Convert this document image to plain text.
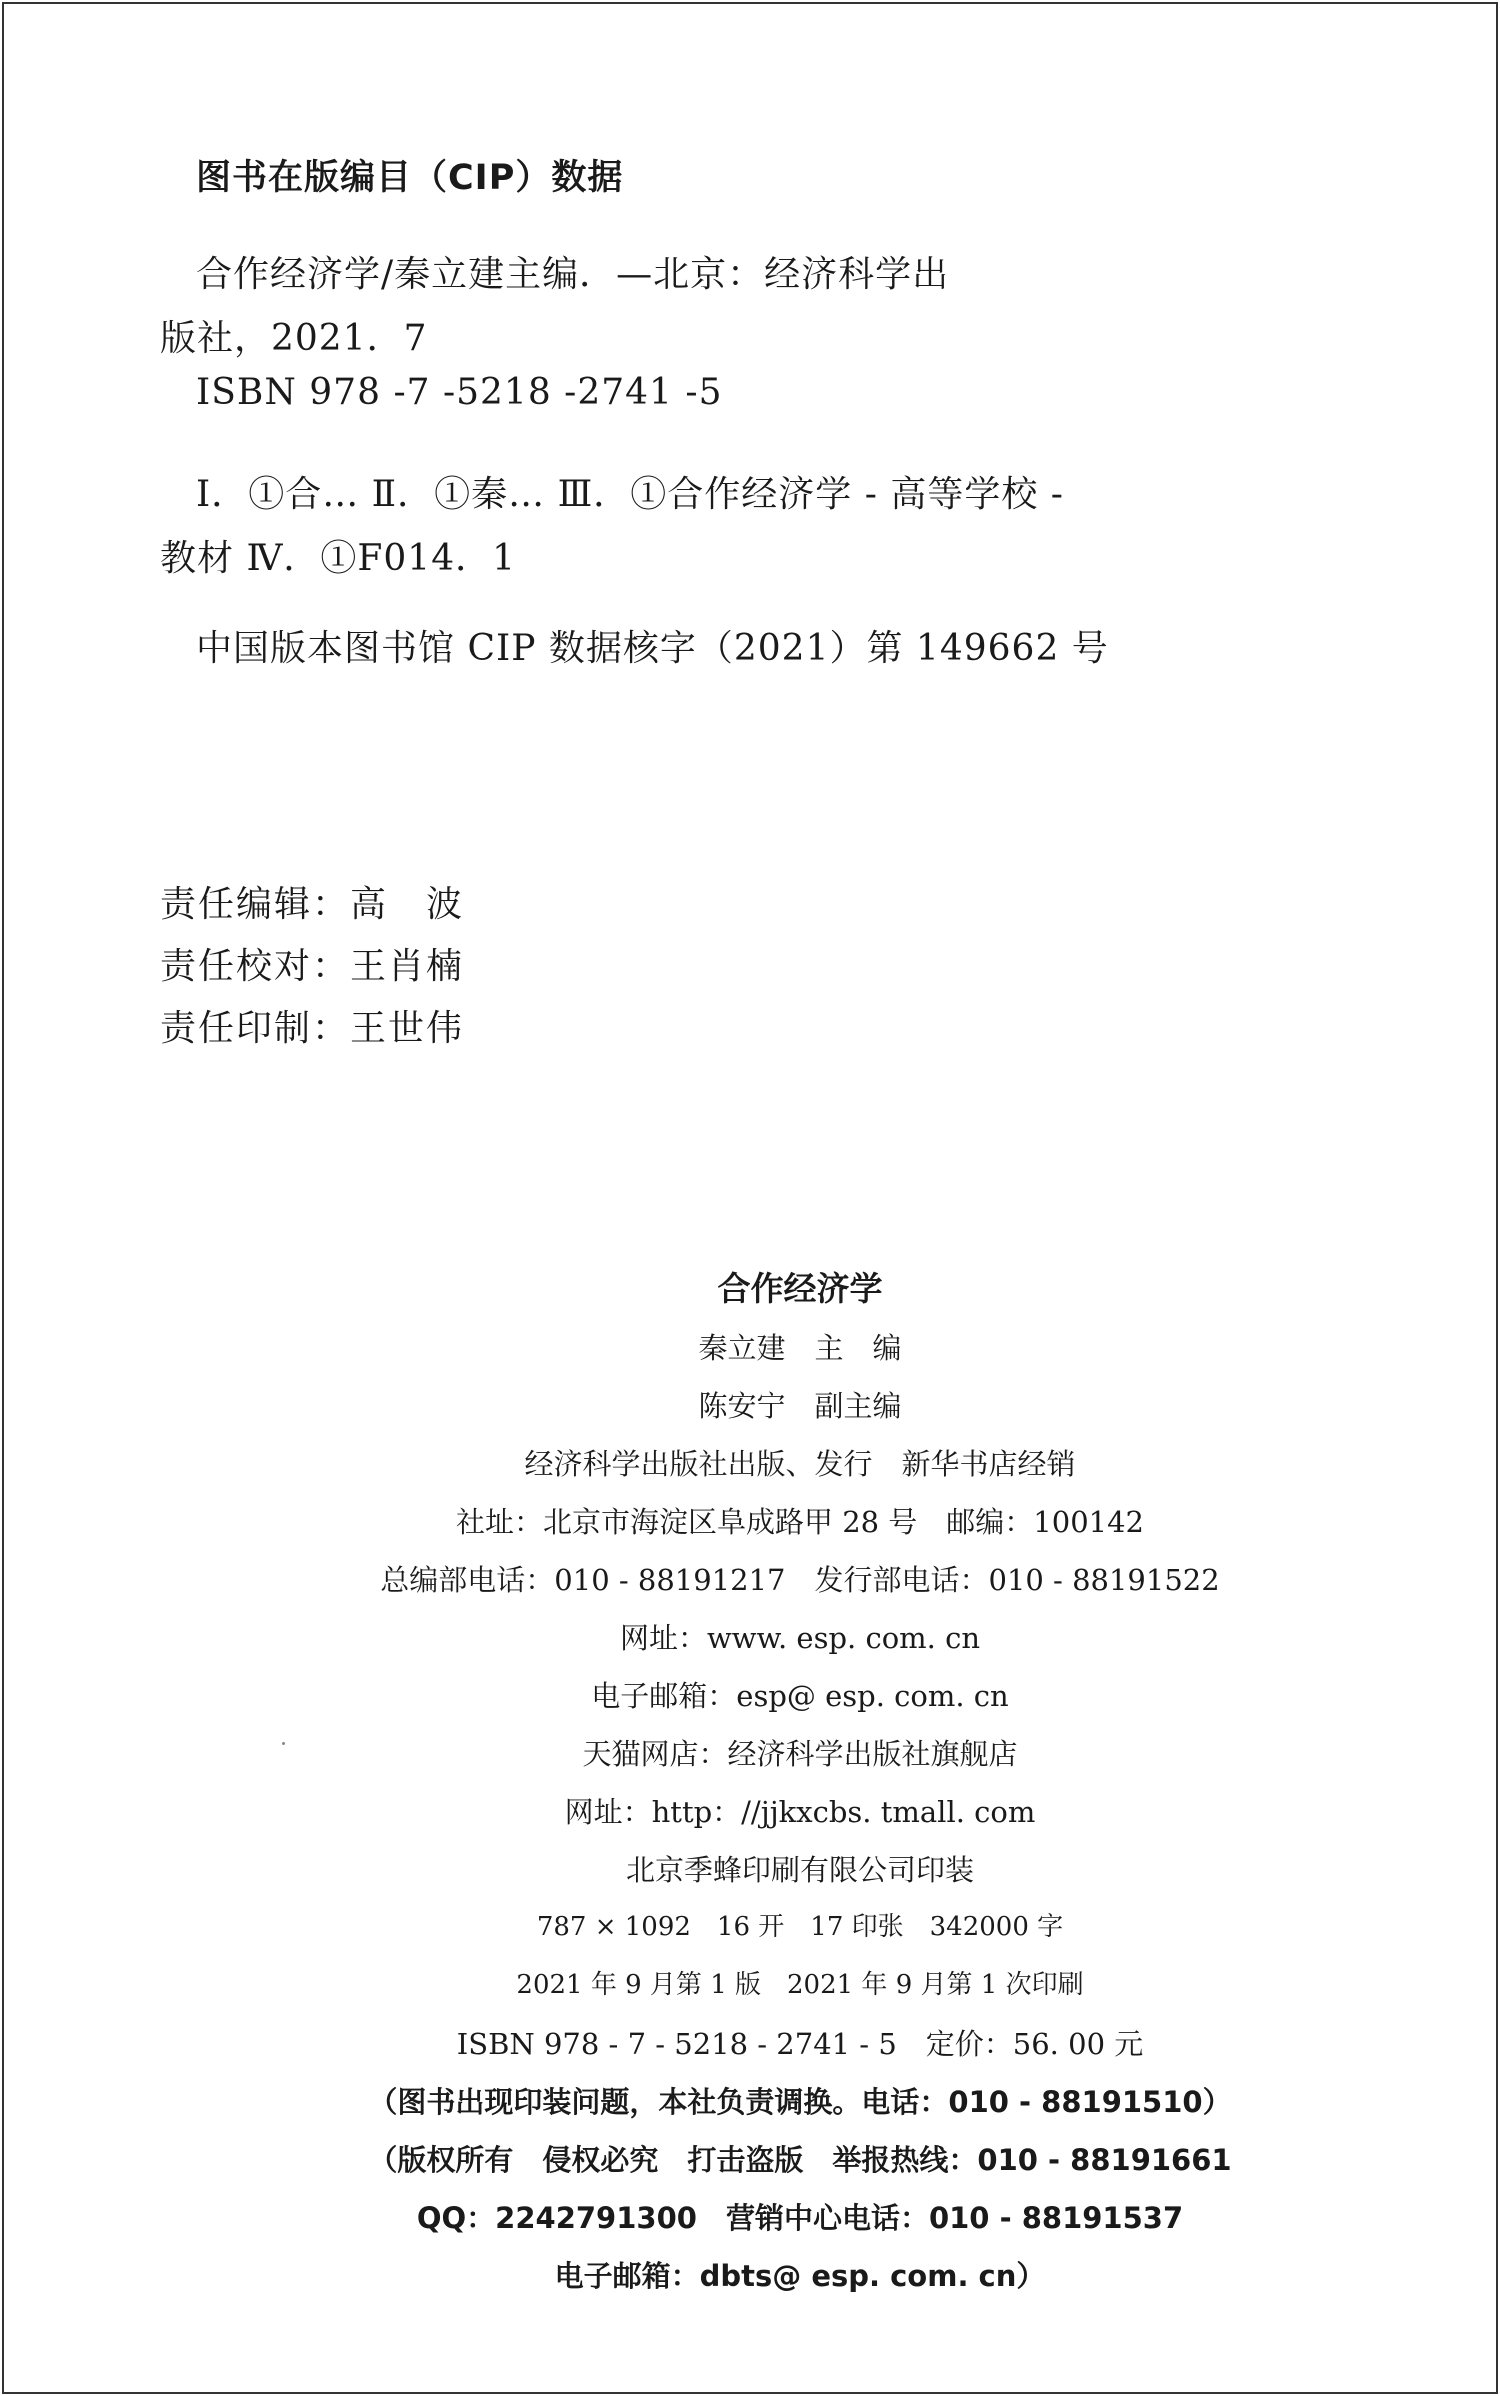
图书在版编目（CIP）数据
合作经济学/秦立建主编．—北京：经济科学出
版社，2021．7
ISBN 978 -7 -5218 -2741 -5
Ⅰ．①合… Ⅱ．①秦… Ⅲ．①合作经济学 - 高等学校 -
教材 Ⅳ．①F014．1
中国版本图书馆 CIP 数据核字（2021）第 149662 号
责任编辑：高　波
责任校对：王肖楠
责任印制：王世伟
合作经济学
秦立建　主　编
陈安宁　副主编
经济科学出版社出版、发行　新华书店经销
社址：北京市海淀区阜成路甲 28 号　邮编：100142
总编部电话：010 - 88191217　发行部电话：010 - 88191522
网址：www. esp. com. cn
电子邮箱：esp@ esp. com. cn
天猫网店：经济科学出版社旗舰店
网址：http：//jjkxcbs. tmall. com
北京季蜂印刷有限公司印装
787 × 1092　16 开　17 印张　342000 字
2021 年 9 月第 1 版　2021 年 9 月第 1 次印刷
ISBN 978 - 7 - 5218 - 2741 - 5　定价：56. 00 元
（图书出现印装问题，本社负责调换。电话：010 - 88191510）
（版权所有　侵权必究　打击盗版　举报热线：010 - 88191661
QQ：2242791300　营销中心电话：010 - 88191537
电子邮箱：dbts@ esp. com. cn）
